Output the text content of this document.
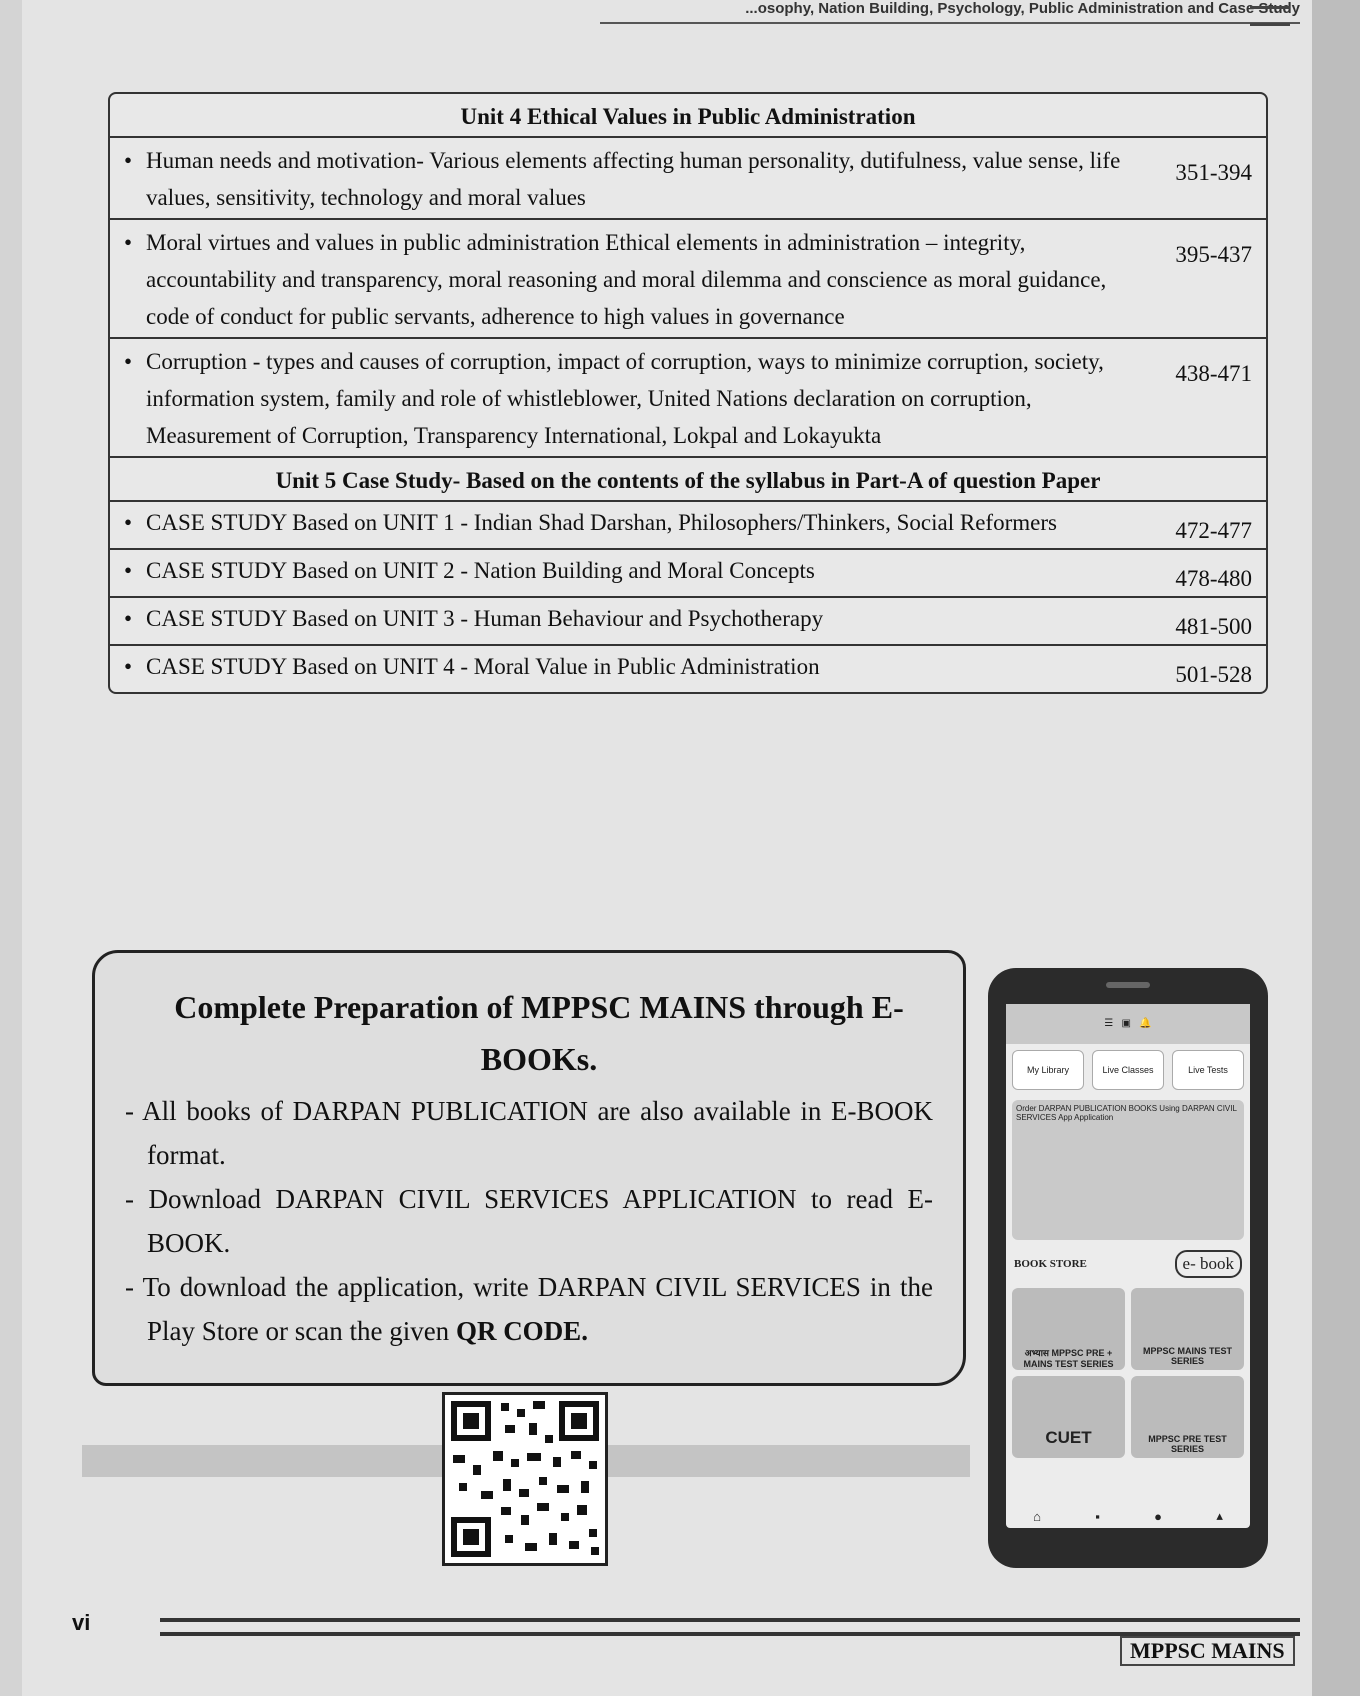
...osophy, Nation Building, Psychology, Public Administration and Case Study
Unit 4 Ethical Values in Public Administration
• Human needs and motivation- Various elements affecting human personality, dutifulness, value sense, life values, sensitivity, technology and moral values
351-394
• Moral virtues and values in public administration Ethical elements in administration – integrity, accountability and transparency, moral reasoning and moral dilemma and conscience as moral guidance, code of conduct for public servants, adherence to high values in governance
395-437
• Corruption - types and causes of corruption, impact of corruption, ways to minimize corruption, society, information system, family and role of whistleblower, United Nations declaration on corruption, Measurement of Corruption, Transparency International, Lokpal and Lokayukta
438-471
Unit 5 Case Study- Based on the contents of the syllabus in Part-A of question Paper
• CASE STUDY Based on UNIT 1 - Indian Shad Darshan, Philosophers/Thinkers, Social Reformers	472-477
• CASE STUDY Based on UNIT 2 - Nation Building and Moral Concepts	478-480
• CASE STUDY Based on UNIT 3 - Human Behaviour and Psychotherapy	481-500
• CASE STUDY Based on UNIT 4 - Moral Value in Public Administration	501-528
Complete Preparation of MPPSC MAINS through E-BOOKs.
- All books of DARPAN PUBLICATION are also available in E-BOOK format.
- Download DARPAN CIVIL SERVICES APPLICATION to read E-BOOK.
- To download the application, write DARPAN CIVIL SERVICES in the Play Store or scan the given QR CODE.
☰   ▣   🔔
My Library	Live Classes	Live Tests
Order DARPAN PUBLICATION BOOKS Using DARPAN CIVIL SERVICES App Application
BOOK STORE	e- book
अभ्यास MPPSC PRE + MAINS TEST SERIES
MPPSC MAINS TEST SERIES
CUET	MPPSC PRE TEST SERIES
⌂	▪	●	▴
vi
MPPSC MAINS
